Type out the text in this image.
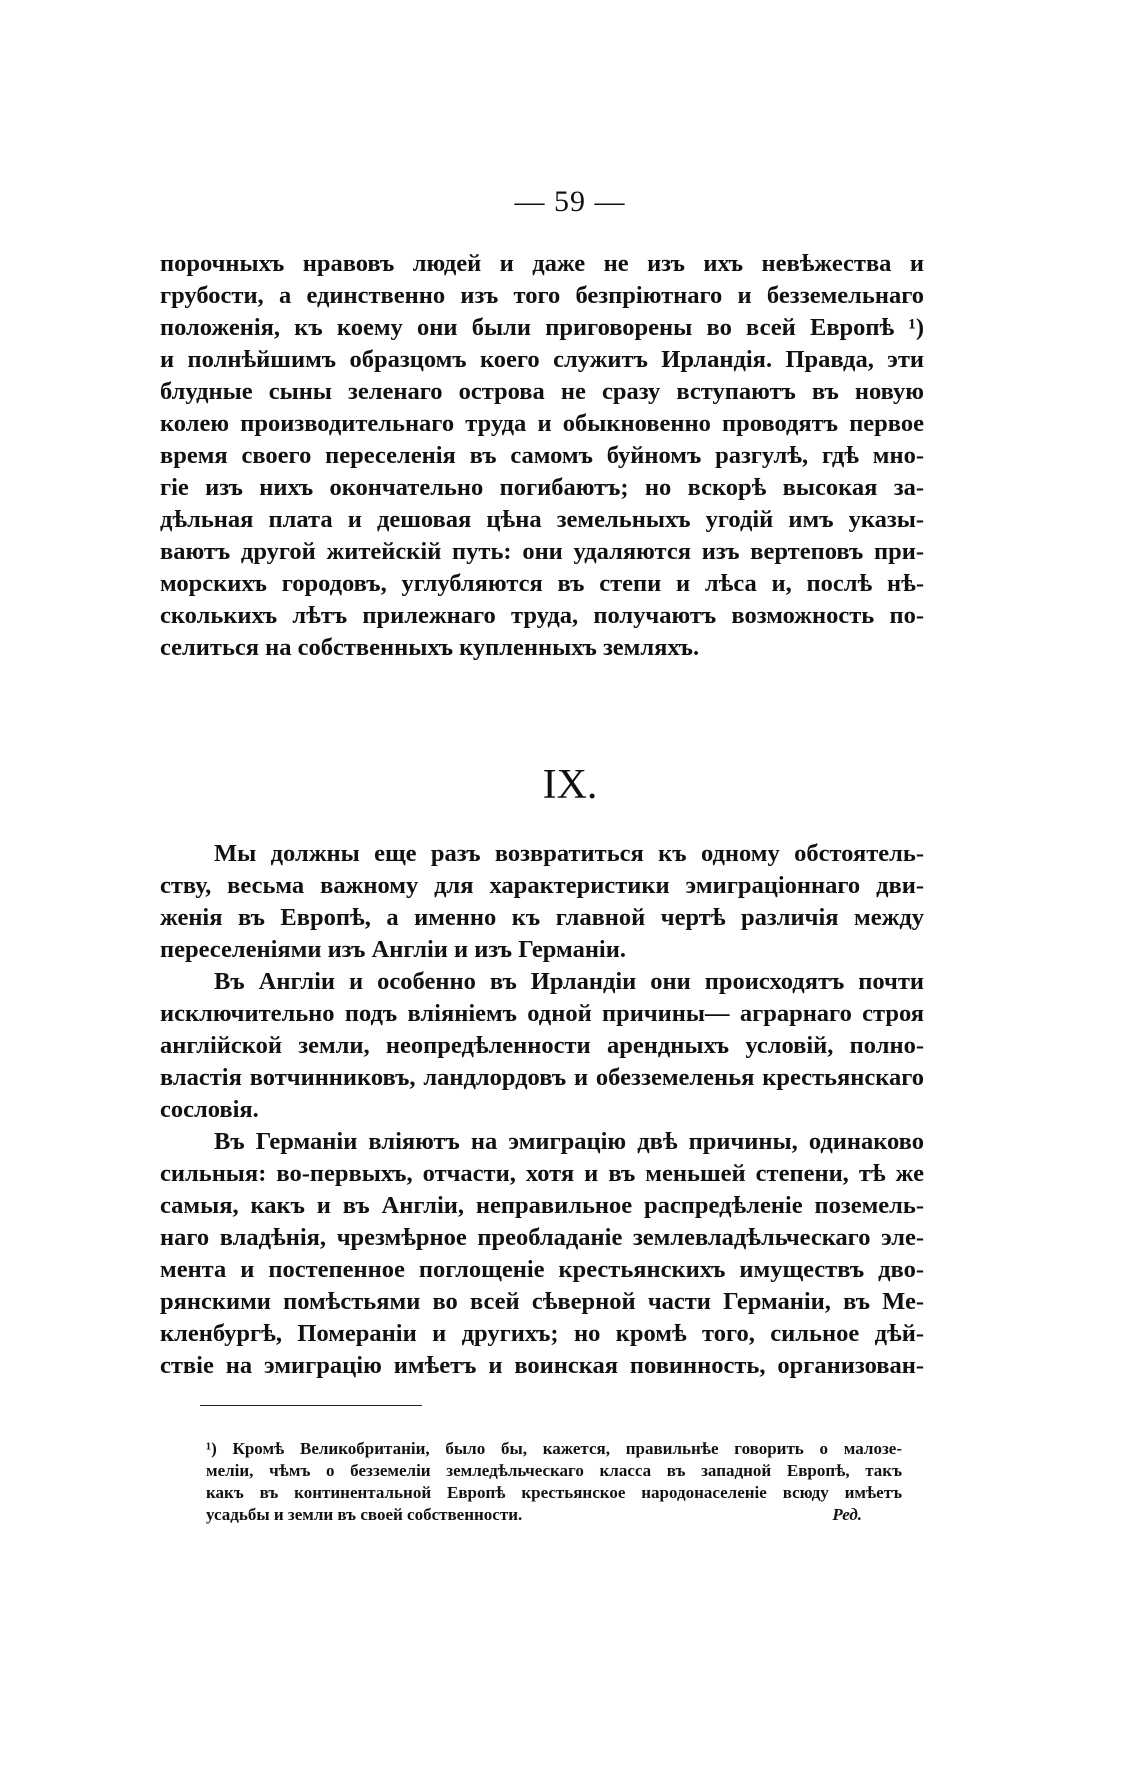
— 59 —
порочныхъ нравовъ людей и даже не изъ ихъ невѣжества и
грубости, а единственно изъ того безпріютнаго и безземельнаго
положенія, къ коему они были приговорены во всей Европѣ ¹)
и полнѣйшимъ образцомъ коего служитъ Ирландія. Правда, эти
блудные сыны зеленаго острова не сразу вступаютъ въ новую
колею производительнаго труда и обыкновенно проводятъ первое
время своего переселенія въ самомъ буйномъ разгулѣ, гдѣ мно-
гіе изъ нихъ окончательно погибаютъ; но вскорѣ высокая за-
дѣльная плата и дешовая цѣна земельныхъ угодій имъ указы-
ваютъ другой житейскій путь: они удаляются изъ вертеповъ при-
морскихъ городовъ, углубляются въ степи и лѣса и, послѣ нѣ-
сколькихъ лѣтъ прилежнаго труда, получаютъ возможность по-
селиться на собственныхъ купленныхъ земляхъ.
IX.
Мы должны еще разъ возвратиться къ одному обстоятель-
ству, весьма важному для характеристики эмиграціоннаго дви-
женія въ Европѣ, а именно къ главной чертѣ различія между
переселеніями изъ Англіи и изъ Германіи.
Въ Англіи и особенно въ Ирландіи они происходятъ почти
исключительно подъ вліяніемъ одной причины— аграрнаго строя
англійской земли, неопредѣленности арендныхъ условій, полно-
властія вотчинниковъ, ландлордовъ и обезземеленья крестьянскаго
сословія.
Въ Германіи вліяютъ на эмиграцію двѣ причины, одинаково
сильныя: во-первыхъ, отчасти, хотя и въ меньшей степени, тѣ же
самыя, какъ и въ Англіи, неправильное распредѣленіе поземель-
наго владѣнія, чрезмѣрное преобладаніе землевладѣльческаго эле-
мента и постепенное поглощеніе крестьянскихъ имуществъ дво-
рянскими помѣстьями во всей сѣверной части Германіи, въ Ме-
кленбургѣ, Помераніи и другихъ; но кромѣ того, сильное дѣй-
ствіе на эмиграцію имѣетъ и воинская повинность, организован-
¹) Кромѣ Великобританіи, было бы, кажется, правильнѣе говорить о малозе-
меліи, чѣмъ о безземеліи земледѣльческаго класса въ западной Европѣ, такъ
какъ въ континентальной Европѣ крестьянское народонаселеніе всюду имѣетъ
усадьбы и земли въ своей собственности.	Ред.
